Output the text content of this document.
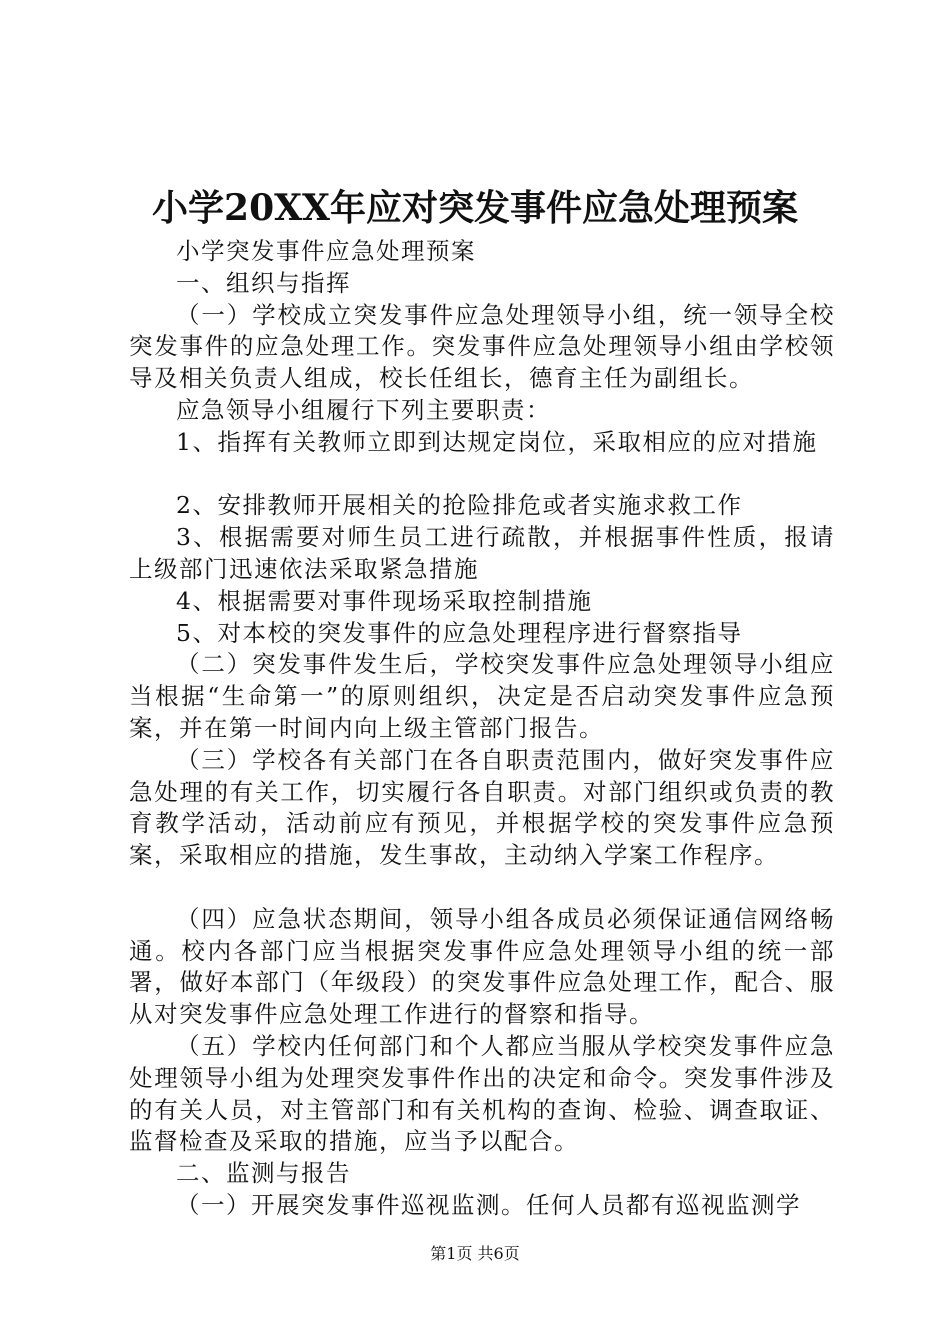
小学20XX年应对突发事件应急处理预案

小学突发事件应急处理预案

一、组织与指挥

（一）学校成立突发事件应急处理领导小组，统一领导全校突发事件的应急处理工作。突发事件应急处理领导小组由学校领导及相关负责人组成，校长任组长，德育主任为副组长。

应急领导小组履行下列主要职责：

1、指挥有关教师立即到达规定岗位，采取相应的应对措施

2、安排教师开展相关的抢险排危或者实施求救工作

3、根据需要对师生员工进行疏散，并根据事件性质，报请上级部门迅速依法采取紧急措施

4、根据需要对事件现场采取控制措施

5、对本校的突发事件的应急处理程序进行督察指导

（二）突发事件发生后，学校突发事件应急处理领导小组应当根据“生命第一”的原则组织，决定是否启动突发事件应急预案，并在第一时间内向上级主管部门报告。

（三）学校各有关部门在各自职责范围内，做好突发事件应急处理的有关工作，切实履行各自职责。对部门组织或负责的教育教学活动，活动前应有预见，并根据学校的突发事件应急预案，采取相应的措施，发生事故，主动纳入学案工作程序。

（四）应急状态期间，领导小组各成员必须保证通信网络畅通。校内各部门应当根据突发事件应急处理领导小组的统一部署，做好本部门（年级段）的突发事件应急处理工作，配合、服从对突发事件应急处理工作进行的督察和指导。

（五）学校内任何部门和个人都应当服从学校突发事件应急处理领导小组为处理突发事件作出的决定和命令。突发事件涉及的有关人员，对主管部门和有关机构的查询、检验、调查取证、监督检查及采取的措施，应当予以配合。

二、监测与报告

（一）开展突发事件巡视监测。任何人员都有巡视监测学

第1页 共6页
